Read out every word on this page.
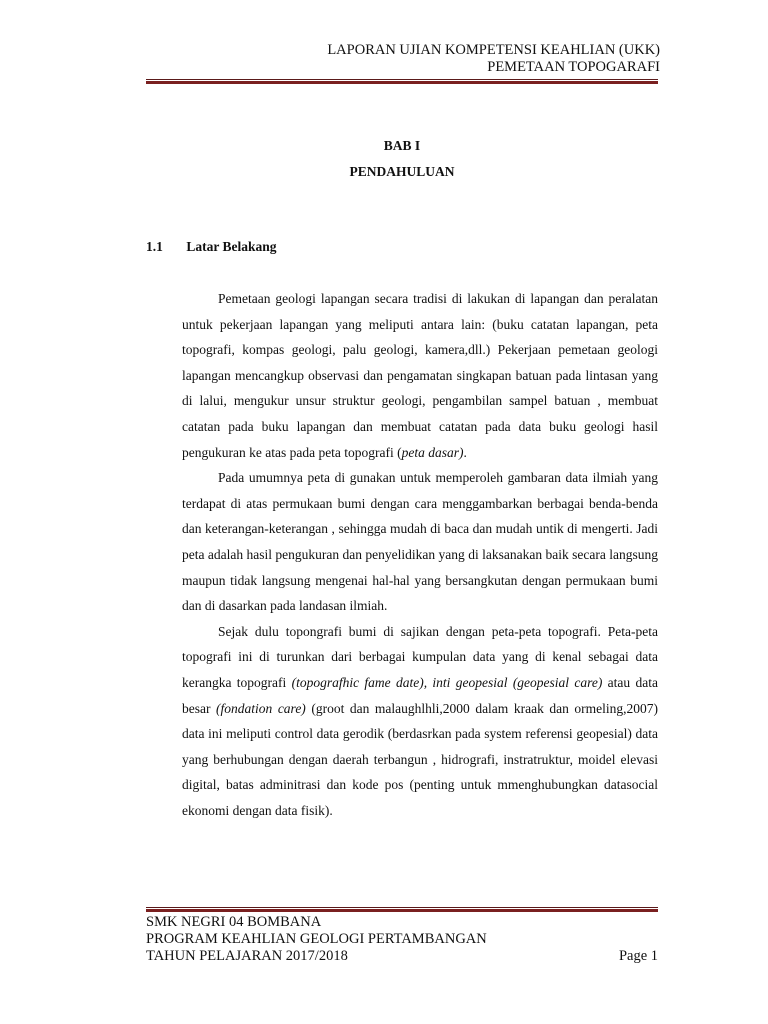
LAPORAN UJIAN KOMPETENSI KEAHLIAN (UKK)
PEMETAAN TOPOGARAFI
BAB I
PENDAHULUAN
1.1 Latar Belakang

Pemetaan geologi lapangan secara tradisi di lakukan di lapangan dan peralatan untuk pekerjaan lapangan yang meliputi antara lain: (buku catatan lapangan, peta topografi, kompas geologi, palu geologi, kamera,dll.) Pekerjaan pemetaan geologi lapangan mencangkup observasi dan pengamatan singkapan batuan pada lintasan yang di lalui, mengukur unsur struktur geologi, pengambilan sampel batuan , membuat catatan pada buku lapangan dan membuat catatan pada data buku geologi hasil pengukuran ke atas pada peta topografi (peta dasar).

Pada umumnya peta di gunakan untuk memperoleh gambaran data ilmiah yang terdapat di atas permukaan bumi dengan cara menggambarkan berbagai benda-benda dan keterangan-keterangan , sehingga mudah di baca dan mudah untik di mengerti. Jadi peta adalah hasil pengukuran dan penyelidikan yang di laksanakan baik secara langsung maupun tidak langsung mengenai hal-hal yang bersangkutan dengan permukaan bumi dan di dasarkan pada landasan ilmiah.

Sejak dulu topongrafi bumi di sajikan dengan peta-peta topografi. Peta-peta topografi ini di turunkan dari berbagai kumpulan data yang di kenal sebagai data kerangka topografi (topografhic fame date), inti geopesial (geopesial care) atau data besar (fondation care) (groot dan malaughlhli,2000 dalam kraak dan ormeling,2007) data ini meliputi control data gerodik (berdasrkan pada system referensi geopesial) data yang berhubungan dengan daerah terbangun , hidrografi, instratruktur, moidel elevasi digital, batas adminitrasi dan kode pos (penting untuk mmenghubungkan datasocial ekonomi dengan data fisik).

SMK NEGRI 04 BOMBANA
PROGRAM KEAHLIAN GEOLOGI PERTAMBANGAN
TAHUN PELAJARAN 2017/2018	Page 1
